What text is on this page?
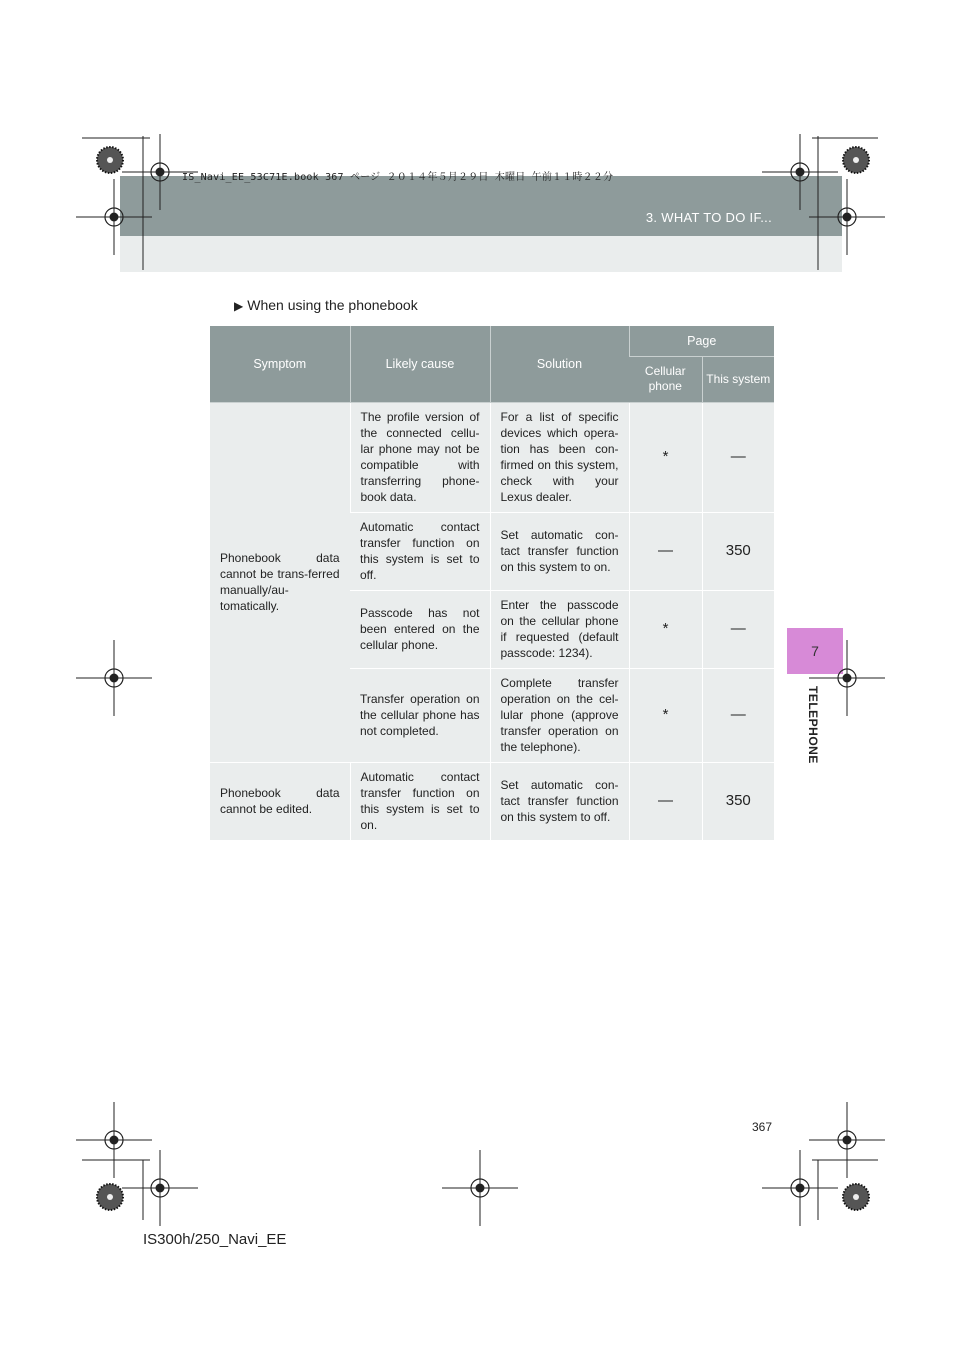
IS_Navi_EE_53C71E.book 367 ページ ２０１４年５月２９日 木曜日 午前１１時２２分
3. WHAT TO DO IF...
7
TELEPHONE
▶ When using the phonebook
Symptom	Likely cause	Solution	Page	
			Cellular phone	This system
Phonebook data cannot be trans-ferred manually/au-tomatically.	The profile version of the connected cellu-lar phone may not be compatible with transferring phone-book data.	For a list of specific devices which opera-tion has been con-firmed on this system, check with your Lexus dealer.	*	—
	Automatic contact transfer function on this system is set to off.	Set automatic con-tact transfer function on this system to on.	—	350
	Passcode has not been entered on the cellular phone.	Enter the passcode on the cellular phone if requested (default passcode: 1234).	*	—
	Transfer operation on the cellular phone has not completed.	Complete transfer operation on the cel-lular phone (approve transfer operation on the telephone).	*	—
Phonebook data cannot be edited.	Automatic contact transfer function on this system is set to on.	Set automatic con-tact transfer function on this system to off.	—	350
367
IS300h/250_Navi_EE
